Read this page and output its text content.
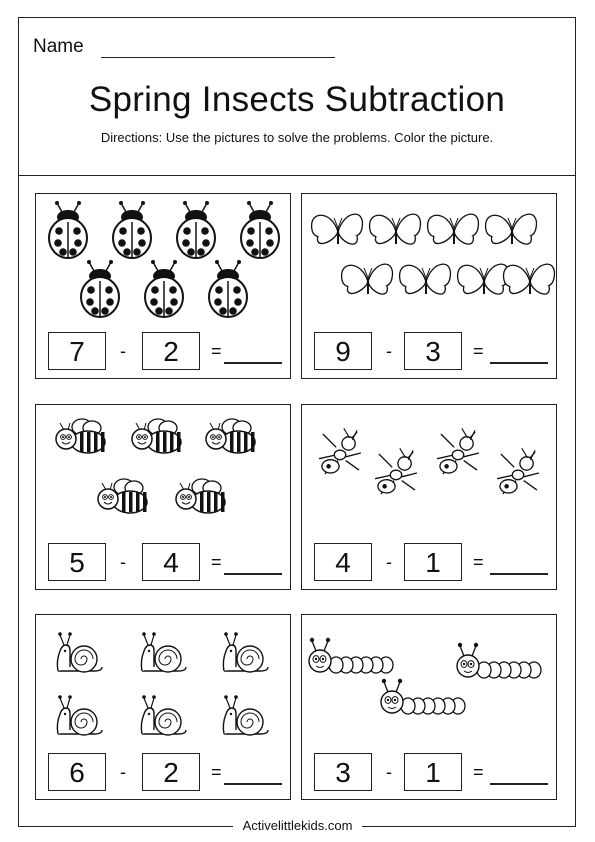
Name
Spring Insects Subtraction
Directions: Use the pictures to solve the problems. Color the picture.
7	-	2	=	9	-	3	=
5	-	4	=	4	-	1	=
6	-	2	=	3	-	1	=
Activelittlekids.com
